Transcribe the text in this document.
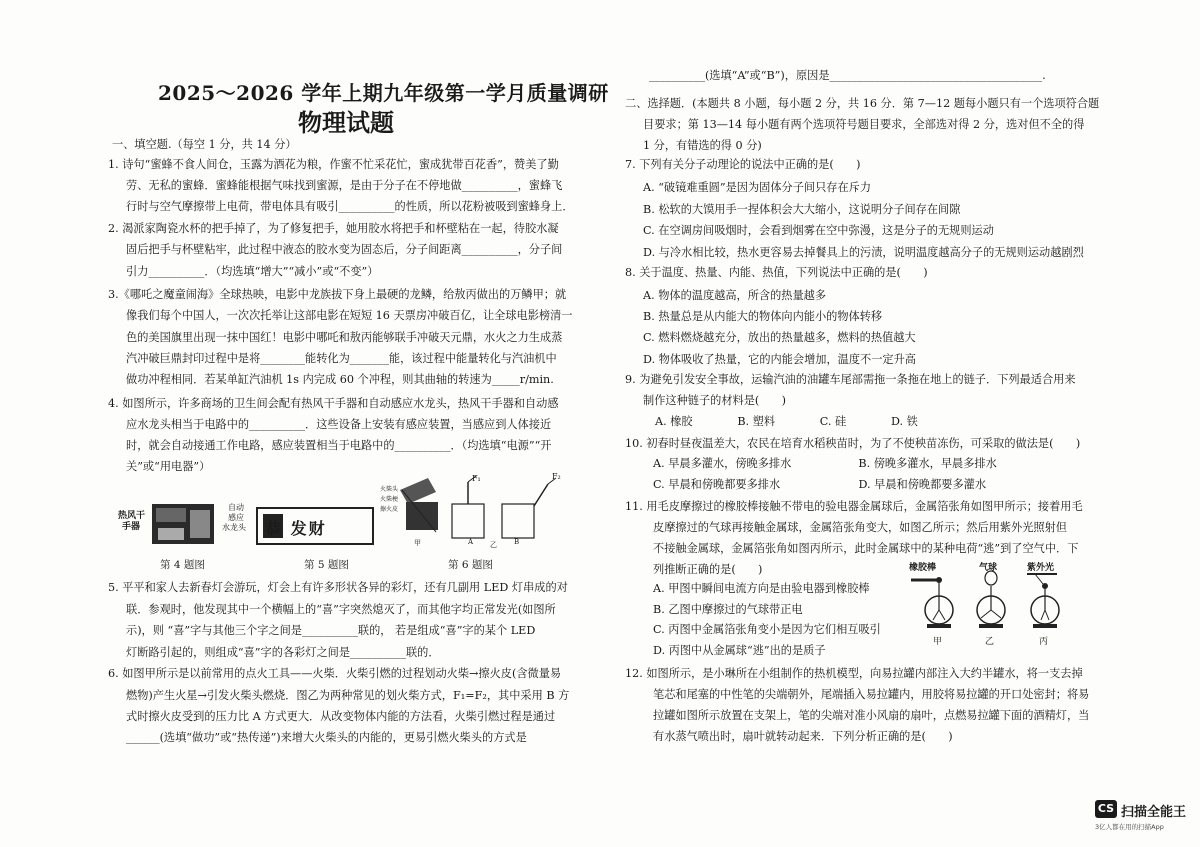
2025～2026 学年上期九年级第一学月质量调研
物理试题
一、填空题.（每空 1 分，共 14 分）
1. 诗句“蜜蜂不食人间仓，玉露为酒花为粮，作蜜不忙采花忙，蜜成犹带百花香”，赞美了勤
劳、无私的蜜蜂．蜜蜂能根据气味找到蜜源，是由于分子在不停地做__________，蜜蜂飞
行时与空气摩擦带上电荷，带电体具有吸引__________的性质，所以花粉被吸到蜜蜂身上．
2. 渴派家陶瓷水杯的把手掉了，为了修复把手，她用胶水将把手和杯壁粘在一起，待胶水凝
固后把手与杯壁粘牢，此过程中液态的胶水变为固态后，分子间距离__________，分子间
引力__________．（均选填“增大”“减小”或“不变”）
3.《哪吒之魔童闹海》全球热映，电影中龙族拔下身上最硬的龙鳞，给敖丙做出的万鳞甲；就
像我们每个中国人，一次次托举让这部电影在短短 16 天票房冲破百亿，让全球电影榜清一
色的美国旗里出现一抹中国红！电影中哪吒和敖丙能够联手冲破天元鼎，水火之力生成蒸
汽冲破巨鼎封印过程中是将________能转化为_______能，该过程中能量转化与汽油机中
做功冲程相同．若某单缸汽油机 1s 内完成 60 个冲程，则其曲轴的转速为_____r/min.
4. 如图所示，许多商场的卫生间会配有热风干手器和自动感应水龙头，热风干手器和自动感
应水龙头相当于电路中的__________．这些设备上安装有感应装置，当感应到人体接近
时，就会自动接通工作电路，感应装置相当于电路中的__________．（均选填“电源”“开
关”或“用电器”）
5. 平平和家人去新春灯会游玩，灯会上有许多形状各异的彩灯，还有几副用 LED 灯串成的对
联．参观时，他发现其中一个横幅上的“喜”字突然熄灭了，而其他字均正常发光(如图所
示)，则 “喜”字与其他三个字之间是__________联的， 若是组成“喜”字的某个 LED
灯断路引起的，则组成“喜”字的各彩灯之间是__________联的．
6. 如图甲所示是以前常用的点火工具——火柴．火柴引燃的过程划动火柴→擦火皮(含微量易
燃物)产生火星→引发火柴头燃烧．图乙为两种常见的划火柴方式，F₁=F₂，其中采用 B 方
式时擦火皮受到的压力比 A 方式更大．从改变物体内能的方法看，火柴引燃过程是通过
______(选填“做功”或“热传递”)来增大火柴头的内能的，更易引燃火柴头的方式是
热风干
手器
自动
感应
水龙头 恭 发财
火柴头
火柴梗
擦火皮
F₁	F₂
甲	A 乙 B
第 4 题图	第 5 题图	第 6 题图
__________(选填“A”或“B”)，原因是______________________________________.
二、选择题．(本题共 8 小题，每小题 2 分，共 16 分．第 7—12 题每小题只有一个选项符合题
目要求；第 13—14 每小题有两个选项符号题目要求，全部选对得 2 分，选对但不全的得
1 分，有错选的得 0 分)
7. 下列有关分子动理论的说法中正确的是(　　)
A. “破镜难重圆”是因为固体分子间只存在斥力
B. 松软的大馍用手一捏体积会大大缩小，这说明分子间存在间隙
C. 在空调房间吸烟时，会看到烟雾在空中弥漫，这是分子的无规则运动
D. 与冷水相比较，热水更容易去掉餐具上的污渍，说明温度越高分子的无规则运动越剧烈
8. 关于温度、热量、内能、热值，下列说法中正确的是(　　)
A. 物体的温度越高，所含的热量越多
B. 热量总是从内能大的物体向内能小的物体转移
C. 燃料燃烧越充分，放出的热量越多，燃料的热值越大
D. 物体吸收了热量，它的内能会增加，温度不一定升高
9. 为避免引发安全事故，运输汽油的油罐车尾部需拖一条拖在地上的链子．下列最适合用来
制作这种链子的材料是(　　)
A. 橡胶　　　　B. 塑料　　　　C. 硅　　　　D. 铁
10. 初春时昼夜温差大，农民在培育水稻秧苗时，为了不使秧苗冻伤，可采取的做法是(　　)
A. 早晨多灌水，傍晚多排水　　　　　　B. 傍晚多灌水，早晨多排水
C. 早晨和傍晚都要多排水　　　　　　　D. 早晨和傍晚都要多灌水
11. 用毛皮摩擦过的橡胶棒接触不带电的验电器金属球后，金属箔张角如图甲所示；接着用毛
皮摩擦过的气球再接触金属球，金属箔张角变大，如图乙所示；然后用紫外光照射但
不接触金属球，金属箔张角如图丙所示，此时金属球中的某种电荷“逃”到了空气中．下
列推断正确的是(　　)
A. 甲图中瞬间电流方向是由验电器到橡胶棒
B. 乙图中摩擦过的气球带正电
C. 丙图中金属箔张角变小是因为它们相互吸引
D. 丙图中从金属球“逃”出的是质子
12. 如图所示，是小琳所在小组制作的热机模型，向易拉罐内部注入大约半罐水，将一支去掉
笔芯和尾塞的中性笔的尖端朝外，尾端插入易拉罐内，用胶将易拉罐的开口处密封；将易
拉罐如图所示放置在支架上，笔的尖端对准小风扇的扇叶，点燃易拉罐下面的酒精灯，当
有水蒸气喷出时，扇叶就转动起来．下列分析正确的是(　　)
橡胶棒	气球	紫外光
甲	乙	丙
CS 扫描全能王
3亿人都在用的扫描App
